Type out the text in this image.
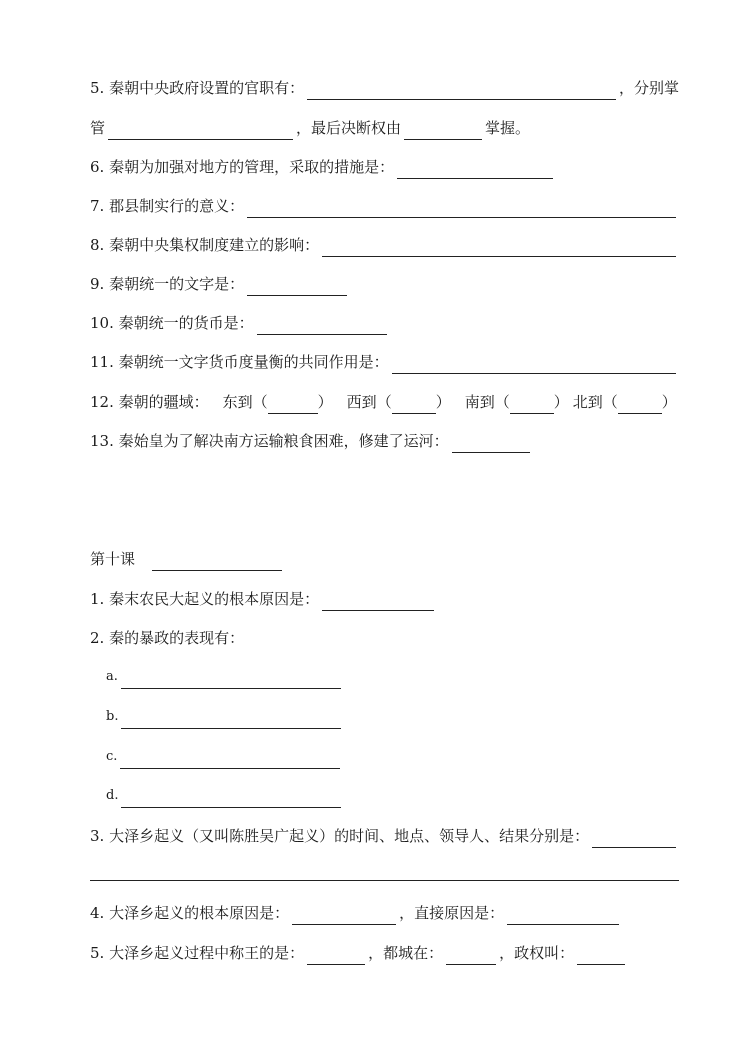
5. 秦朝中央政府设置的官职有：	，分别掌
管	，最后决断权由	掌握。
6. 秦朝为加强对地方的管理，采取的措施是：
7. 郡县制实行的意义：
8. 秦朝中央集权制度建立的影响：
9. 秦朝统一的文字是：
10. 秦朝统一的货币是：
11. 秦朝统一文字货币度量衡的共同作用是：
12. 秦朝的疆域： 东到 （	） 西到 （	） 南到 （	） 北到 （	）
13. 秦始皇为了解决南方运输粮食困难，修建了运河：
第十课
1. 秦末农民大起义的根本原因是：
2. 秦的暴政的表现有：
a.
b.
c.
d.
3. 大泽乡起义（又叫陈胜吴广起义）的时间、地点、领导人、结果分别是：
4. 大泽乡起义的根本原因是：	，直接原因是：
5. 大泽乡起义过程中称王的是：	，都城在：	，政权叫：
